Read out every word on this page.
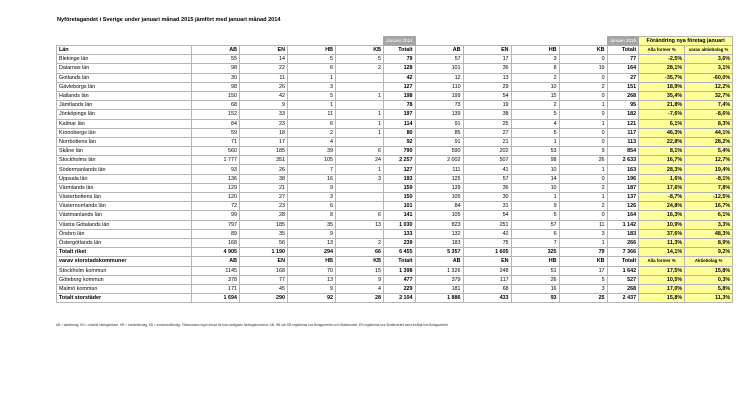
Nyföretagandet i Sverige under januari månad 2015 jämfört med januari månad 2014
					Januari 2014					Januari 2015	Förändring nya företag januari	
Län	AB	EN	HB	KB	Totalt	AB	EN	HB	KB	Totalt	Alla former %	varav aktiebolag %
Blekinge län	55	14	5	5	79	57	17	3	0	77	-2,5%	3,6%
Dalarnas län	98	22	6	2	128	101	36	8	19	164	28,1%	3,1%
Gotlands län	30	11	1		42	12	13	2	0	27	-35,7%	-60,0%
Gävleborgs län	98	26	3		127	110	29	10	2	151	18,9%	12,2%
Hallands län	150	42	5	1	198	199	54	15	0	268	35,4%	32,7%
Jämtlands län	68	9	1		78	73	19	2	1	95	21,8%	7,4%
Jönköpings län	152	33	11	1	197	139	38	5	0	182	-7,6%	-8,6%
Kalmar län	84	23	6	1	114	91	25	4	1	121	6,1%	8,3%
Kronobergs län	59	18	2	1	80	85	27	5	0	117	46,3%	44,1%
Norrbottens län	71	17	4		92	91	21	1	0	113	22,8%	28,2%
Skåne län	560	185	39	6	790	590	202	53	9	854	8,1%	5,4%
Stockholms län	1 777	351	105	24	2 257	2 002	507	98	26	2 633	16,7%	12,7%
Södermanlands län	93	26	7	1	127	111	41	10	1	163	28,3%	19,4%
Uppsala län	136	38	16	3	193	125	57	14	0	196	1,6%	-8,1%
Värmlands län	129	21	9		159	139	36	10	2	187	17,6%	7,8%
Västerbottens län	120	27	3		150	105	30	1	1	137	-8,7%	-12,5%
Västernorrlands län	72	23	6		101	84	31	9	2	126	24,8%	16,7%
Västmanlands län	99	28	8	6	141	105	54	5	0	164	16,3%	6,1%
Västra Götalands län	797	185	35	13	1 030	823	251	57	11	1 142	10,9%	3,3%
Örebro län	89	35	9		133	132	42	6	3	183	37,6%	48,3%
Östergötlands län	168	56	13	2	239	183	75	7	1	266	11,3%	8,9%
Totalt riket	4 905	1 190	294	66	6 455	5 357	1 605	325	79	7 366	14,1%	9,2%
varav storstadskommuner	AB	EN	HB	KB	Totalt	AB	EN	HB	KB	Totalt	Alla former %	Aktiebolag %
Stockholm kommun	1145	168	70	15	1 398	1 326	248	51	17	1 642	17,5%	15,8%
Göteborg kommun	378	77	13	9	477	379	117	26	5	527	10,5%	0,3%
Malmö kommun	171	45	9	4	229	181	68	16	3	268	17,0%	5,8%
Totalt storstäder	1 694	290	92	28	2 104	1 886	433	93	25	2 437	15,8%	11,3%
AB = aktiebolag, EN = enskild näringsidkare, HB = handelsbolag, KB = kommanditbolag. Tillsammans utgör dessa de fyra vanligaste företagsformerna. AB, HB och KB registreras hos Bolagsverket och Skatteverket. EN registreras hos Skatteverket samt frivilligt hos Bolagsverket.
